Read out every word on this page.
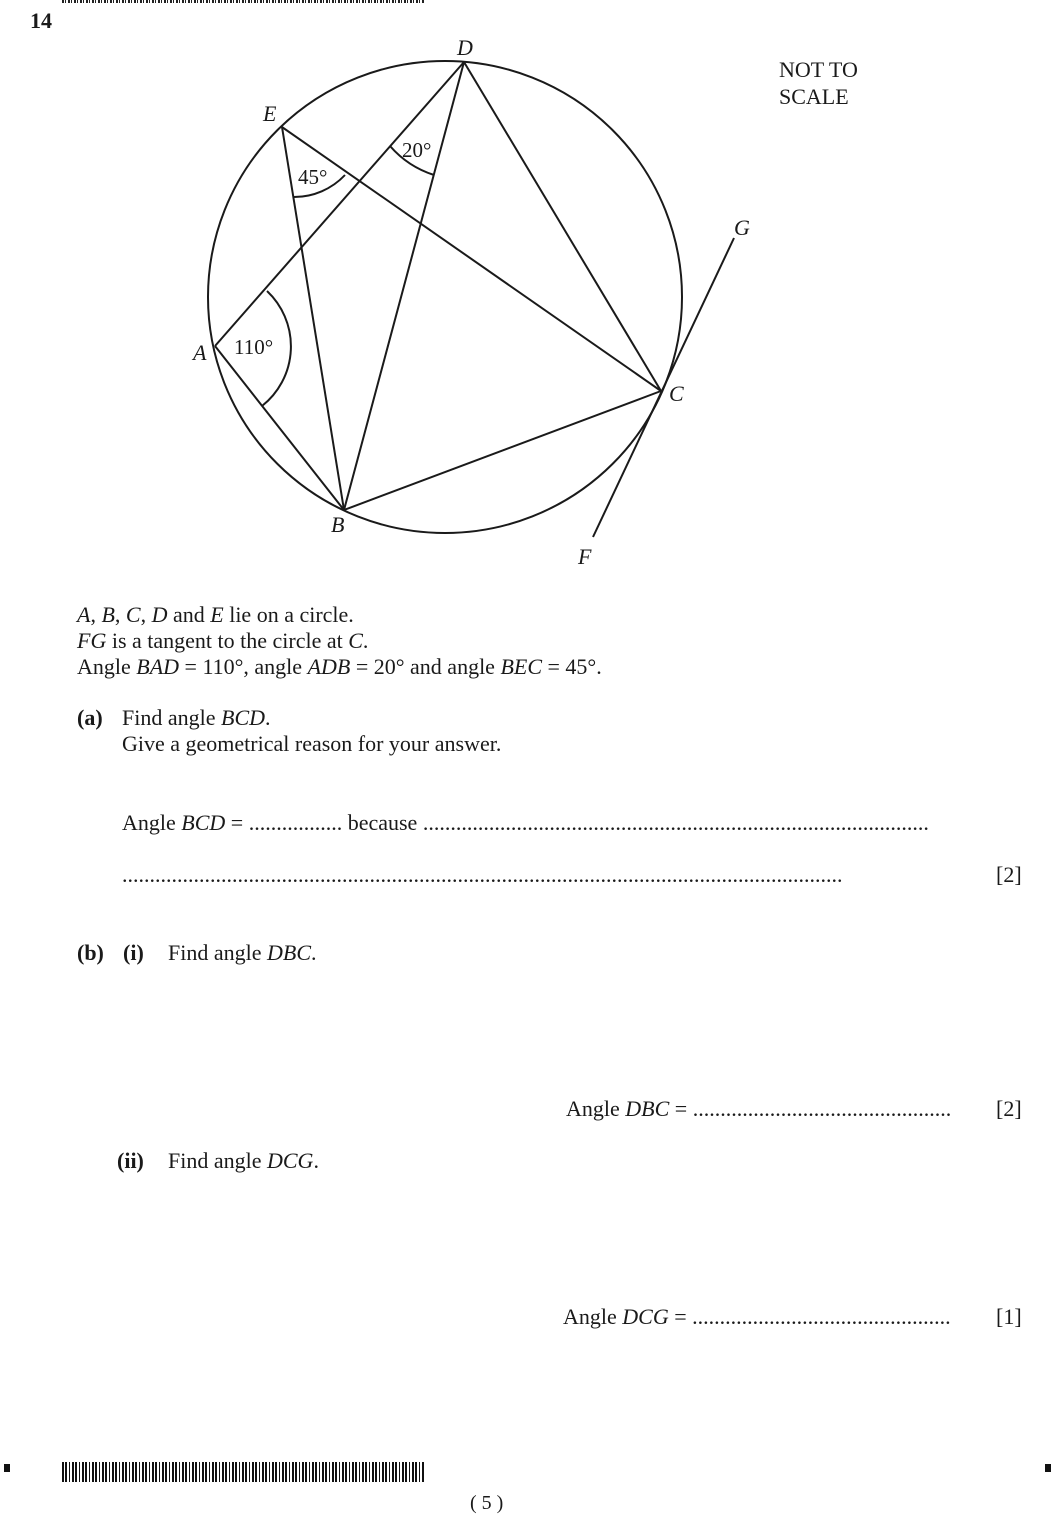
14
NOT TO
SCALE
D
E
A
B
C
F
G
110°
20°
45°
A, B, C, D and E lie on a circle.
FG is a tangent to the circle at C.
Angle BAD = 110°, angle ADB = 20° and angle BEC = 45°.
(a) Find angle BCD.
Give a geometrical reason for your answer.
Angle BCD = ................. because ............................................................................................
...................................................................................................................................	[2]
(b) (i) Find angle DBC.
Angle DBC = ............................................... [2]
(ii) Find angle DCG.
Angle DCG = ............................................... [1]
( 5 )
